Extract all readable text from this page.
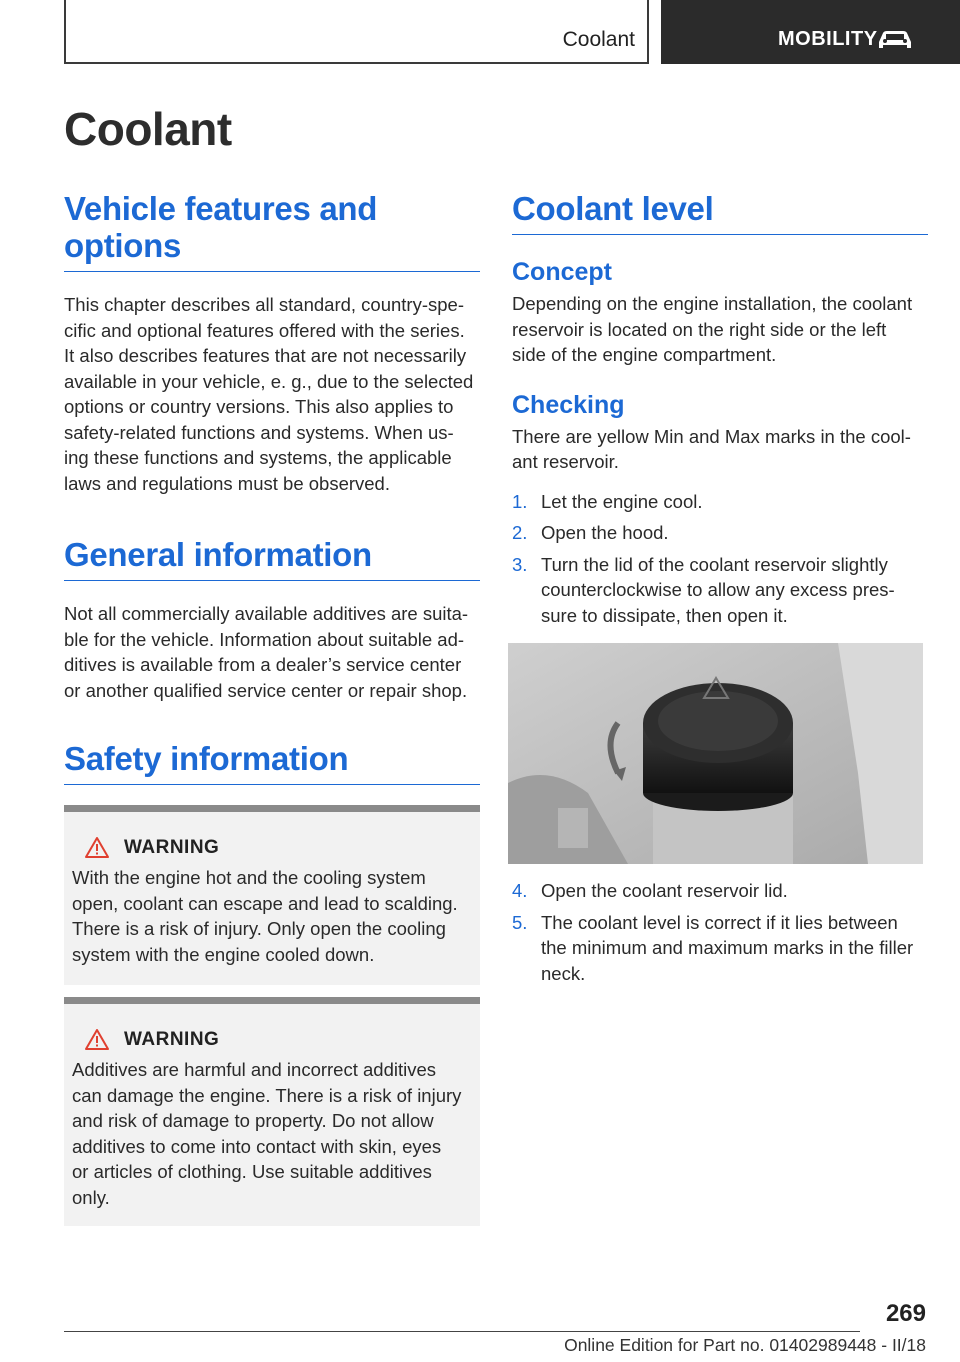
Coolant	MOBILITY
Coolant
Vehicle features and
options

This chapter describes all standard, country-spe-
cific and optional features offered with the series.
It also describes features that are not necessarily
available in your vehicle, e. g., due to the selected
options or country versions. This also applies to
safety-related functions and systems. When us-
ing these functions and systems, the applicable
laws and regulations must be observed.

General information

Not all commercially available additives are suita-
ble for the vehicle. Information about suitable ad-
ditives is available from a dealer’s service center
or another qualified service center or repair shop.

Safety information
WARNING

With the engine hot and the cooling system
open, coolant can escape and lead to scalding.
There is a risk of injury. Only open the cooling
system with the engine cooled down.

WARNING

Additives are harmful and incorrect additives
can damage the engine. There is a risk of injury
and risk of damage to property. Do not allow
additives to come into contact with skin, eyes
or articles of clothing. Use suitable additives
only.

Coolant level
Concept

Depending on the engine installation, the coolant
reservoir is located on the right side or the left
side of the engine compartment.

Checking

There are yellow Min and Max marks in the cool-
ant reservoir.

1. Let the engine cool.
2. Open the hood.
3. Turn the lid of the coolant reservoir slightly
counterclockwise to allow any excess pres-
sure to dissipate, then open it.
4. Open the coolant reservoir lid.
5. The coolant level is correct if it lies between
the minimum and maximum marks in the filler
neck.
269
Online Edition for Part no. 01402989448 - II/18
